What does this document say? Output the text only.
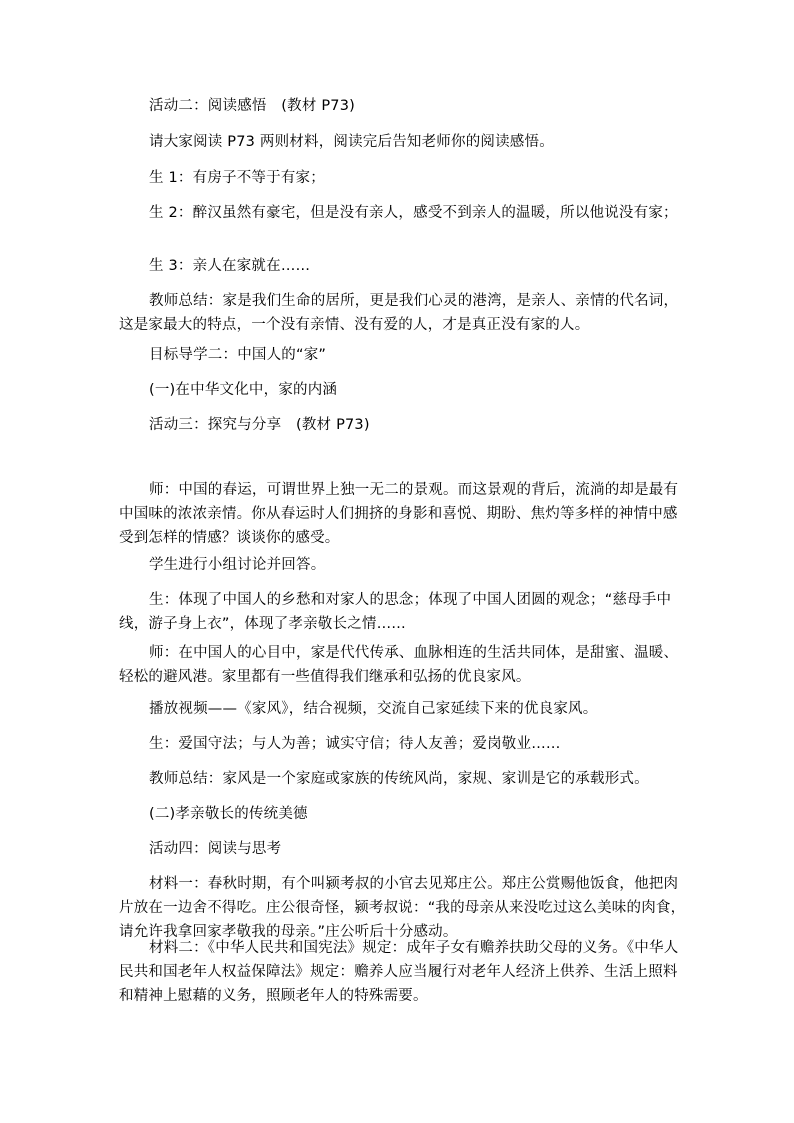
活动二：阅读感悟　(教材 P73)

请大家阅读 P73 两则材料，阅读完后告知老师你的阅读感悟。

生 1：有房子不等于有家；

生 2：醉汉虽然有豪宅，但是没有亲人，感受不到亲人的温暖，所以他说没有家；

生 3：亲人在家就在……

教师总结：家是我们生命的居所，更是我们心灵的港湾，是亲人、亲情的代名词，这是家最大的特点，一个没有亲情、没有爱的人，才是真正没有家的人。

目标导学二：中国人的“家”

(一)在中华文化中，家的内涵

活动三：探究与分享　(教材 P73)

师：中国的春运，可谓世界上独一无二的景观。而这景观的背后，流淌的却是最有中国味的浓浓亲情。你从春运时人们拥挤的身影和喜悦、期盼、焦灼等多样的神情中感受到怎样的情感？谈谈你的感受。

学生进行小组讨论并回答。

生：体现了中国人的乡愁和对家人的思念；体现了中国人团圆的观念；“慈母手中线，游子身上衣”，体现了孝亲敬长之情……

师：在中国人的心目中，家是代代传承、血脉相连的生活共同体，是甜蜜、温暖、轻松的避风港。家里都有一些值得我们继承和弘扬的优良家风。

播放视频——《家风》，结合视频，交流自己家延续下来的优良家风。

生：爱国守法；与人为善；诚实守信；待人友善；爱岗敬业……

教师总结：家风是一个家庭或家族的传统风尚，家规、家训是它的承载形式。

(二)孝亲敬长的传统美德

活动四：阅读与思考

材料一：春秋时期，有个叫颍考叔的小官去见郑庄公。郑庄公赏赐他饭食，他把肉片放在一边舍不得吃。庄公很奇怪，颍考叔说：“我的母亲从来没吃过这么美味的肉食，请允许我拿回家孝敬我的母亲。”庄公听后十分感动。

材料二：《中华人民共和国宪法》规定：成年子女有赡养扶助父母的义务。《中华人民共和国老年人权益保障法》规定：赡养人应当履行对老年人经济上供养、生活上照料和精神上慰藉的义务，照顾老年人的特殊需要。
